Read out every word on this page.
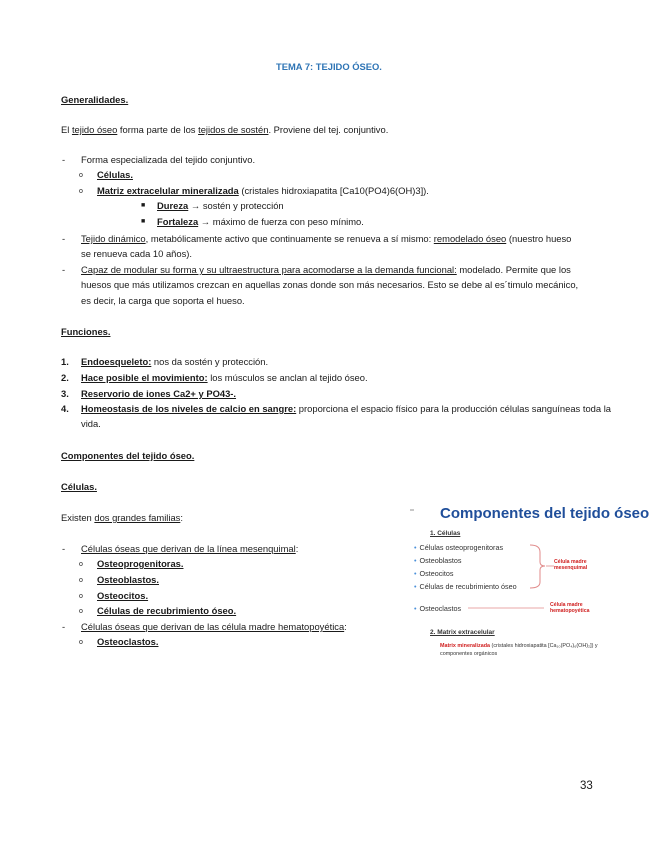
TEMA 7: TEJIDO ÓSEO.
Generalidades.
El tejido óseo forma parte de los tejidos de sostén. Proviene del tej. conjuntivo.
- Forma especializada del tejido conjuntivo.
o Células.
o Matriz extracelular mineralizada (cristales hidroxiapatita [Ca10(PO4)6(OH)3]).
■ Dureza → sostén y protección
■ Fortaleza → máximo de fuerza con peso mínimo.
- Tejido dinámico, metabólicamente activo que continuamente se renueva a sí mismo: remodelado óseo (nuestro hueso
se renueva cada 10 años).
- Capaz de modular su forma y su ultraestructura para acomodarse a la demanda funcional: modelado. Permite que los
huesos que más utilizamos crezcan en aquellas zonas donde son más necesarios. Esto se debe al es´timulo mecánico,
es decir, la carga que soporta el hueso.
Funciones.
1. Endoesqueleto: nos da sostén y protección.
2. Hace posible el movimiento: los músculos se anclan al tejido óseo.
3. Reservorio de iones Ca2+ y PO43-.
4. Homeostasis de los niveles de calcio en sangre: proporciona el espacio físico para la producción células sanguíneas toda la
vida.
Componentes del tejido óseo.
Células.
Existen dos grandes familias:
- Células óseas que derivan de la línea mesenquimal:
o Osteoprogenitoras.
o Osteoblastos.
o Osteocitos.
o Células de recubrimiento óseo.
- Células óseas que derivan de las célula madre hematopoyética:
o Osteoclastos.
Componentes del tejido óseo
1. Células
• Células osteoprogenitoras
• Osteoblastos
• Osteocitos
• Células de recubrimiento óseo
Célula madre
mesenquimal
• Osteoclastos	Célula madre
hematopoyética
2. Matrix extracelular
Matrix mineralizada (cristales hidroxiapatita [Ca₁₀(PO₄)₆(OH)₂]) y
componentes orgánicos
33
